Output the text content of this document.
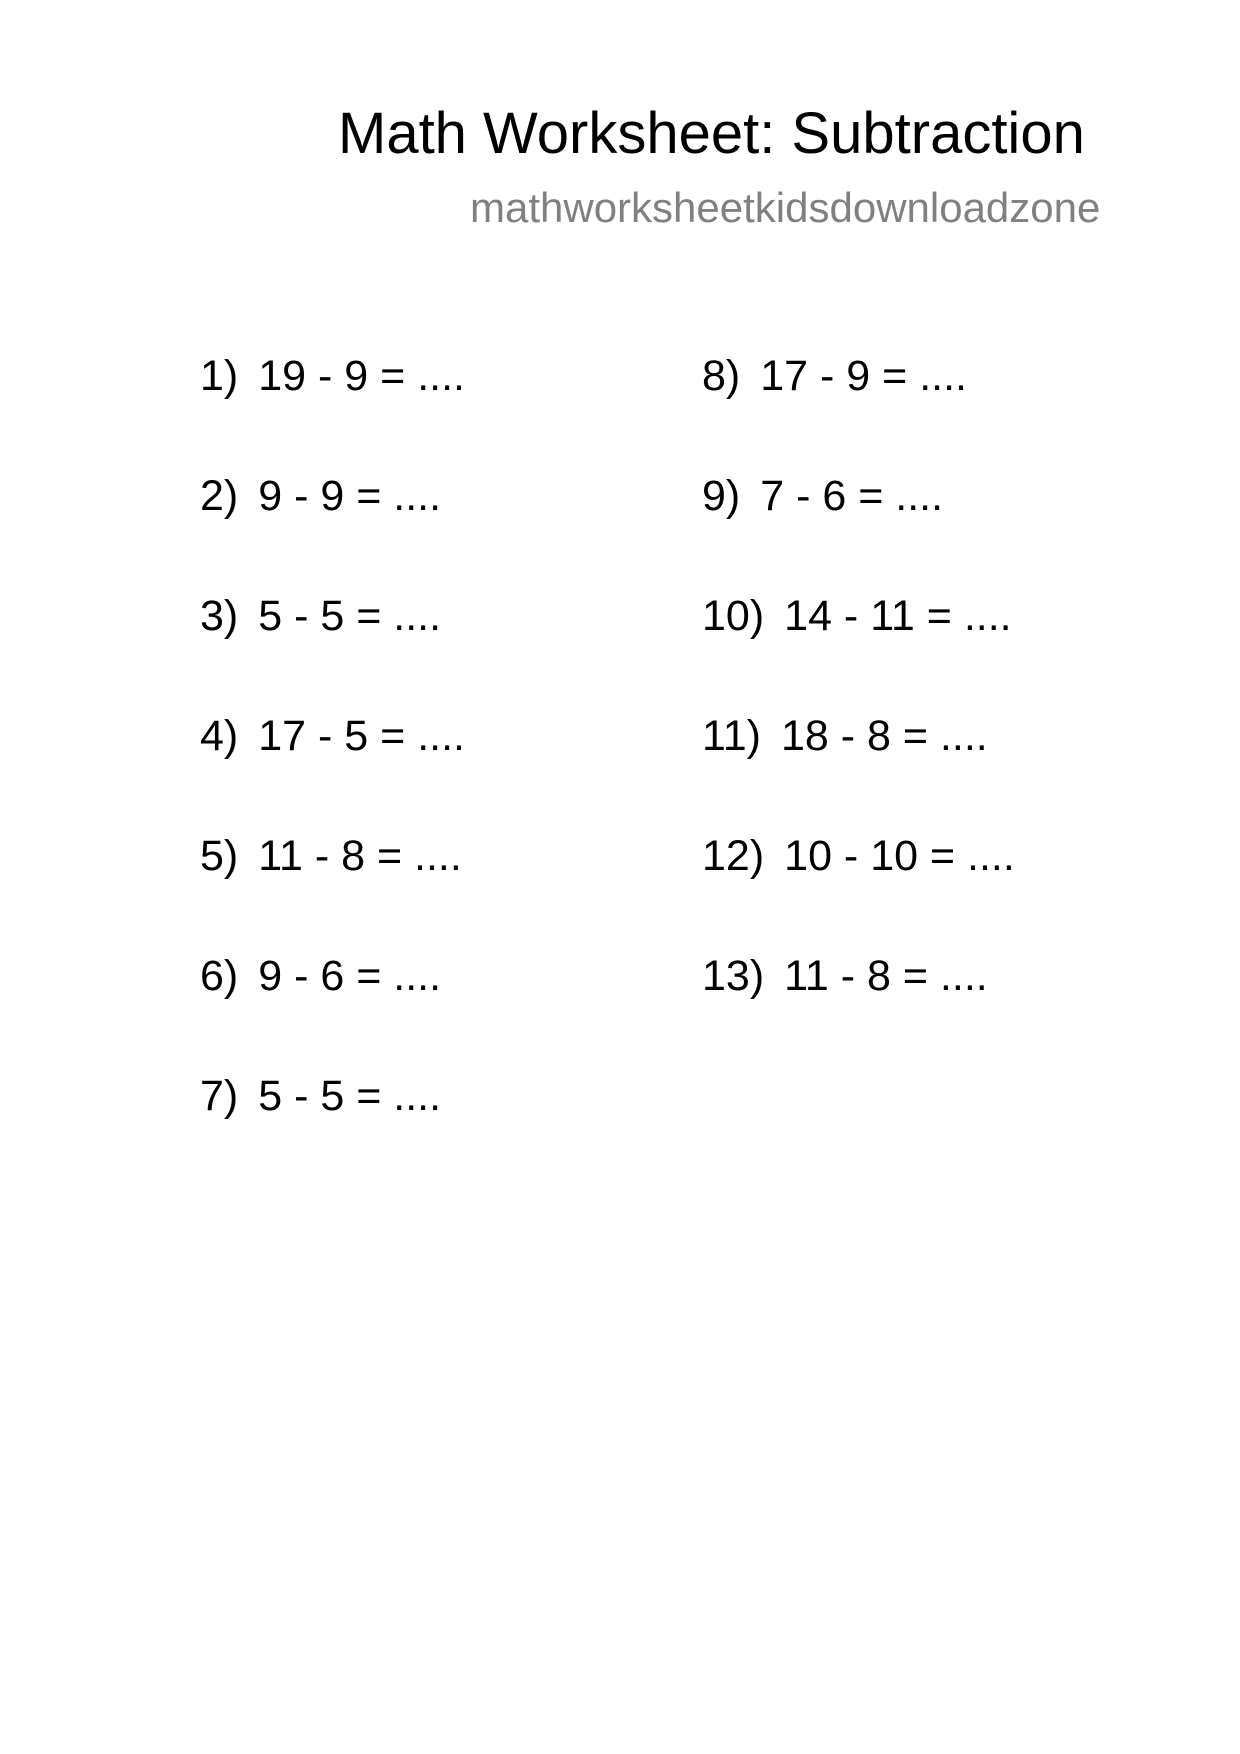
Math Worksheet: Subtraction
mathworksheetkidsdownloadzone
1) 19 - 9 = ....
2) 9 - 9 = ....
3) 5 - 5 = ....
4) 17 - 5 = ....
5) 11 - 8 = ....
6) 9 - 6 = ....
7) 5 - 5 = ....
8) 17 - 9 = ....
9) 7 - 6 = ....
10) 14 - 11 = ....
11) 18 - 8 = ....
12) 10 - 10 = ....
13) 11 - 8 = ....
